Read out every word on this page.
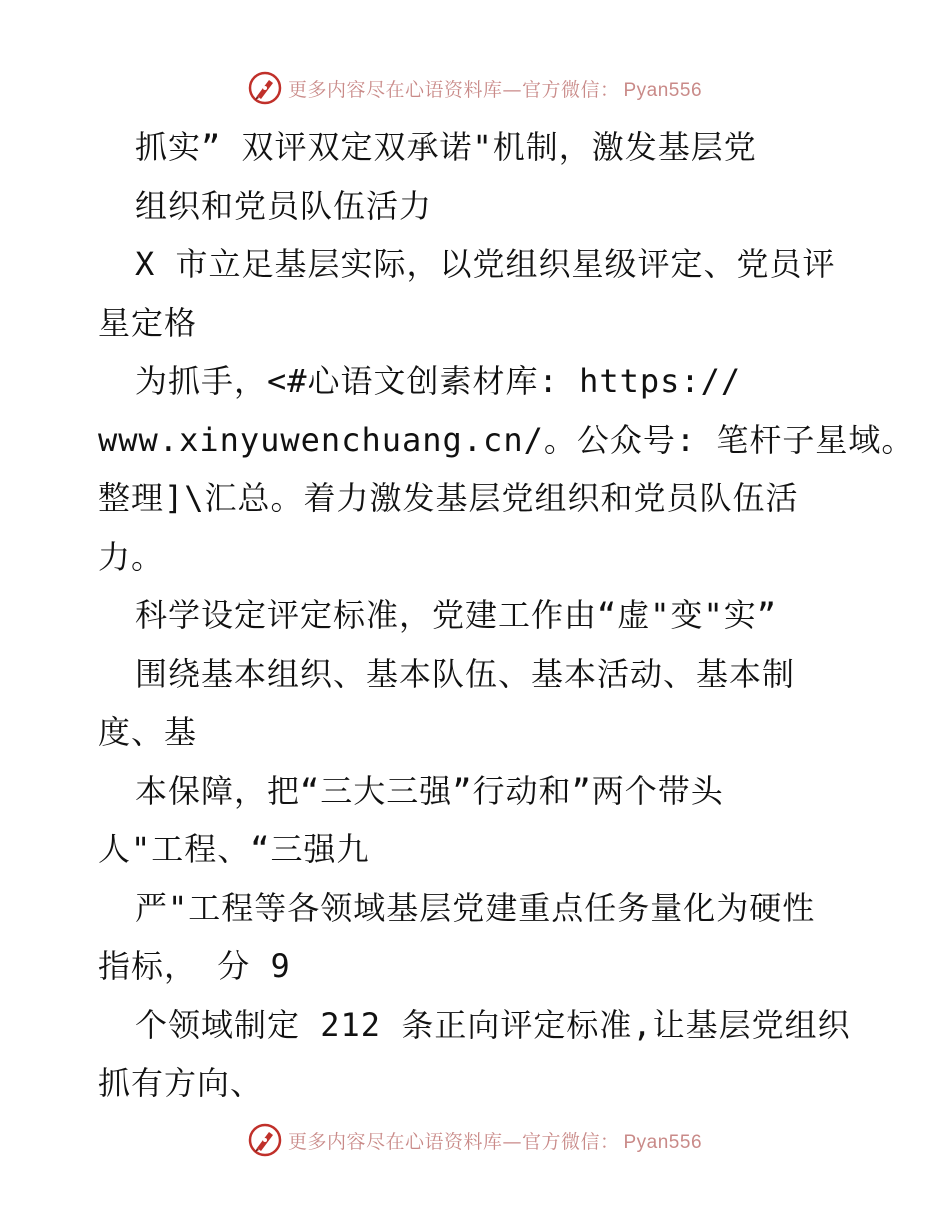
更多内容尽在心语资料库—官方微信： Pyan556
抓实” 双评双定双承诺"机制，激发基层党
组织和党员队伍活力
X 市立足基层实际，以党组织星级评定、党员评
星定格
为抓手，<#心语文创素材库: https://
www.xinyuwenchuang.cn/。公众号: 笔杆子星域。
整理]\汇总。着力激发基层党组织和党员队伍活
力。
科学设定评定标准，党建工作由“虚"变"实”
围绕基本组织、基本队伍、基本活动、基本制
度、基
本保障，把“三大三强”行动和”两个带头
人"工程、“三强九
严"工程等各领域基层党建重点任务量化为硬性
指标， 分 9
个领域制定 212 条正向评定标准,让基层党组织
抓有方向、
更多内容尽在心语资料库—官方微信： Pyan556
